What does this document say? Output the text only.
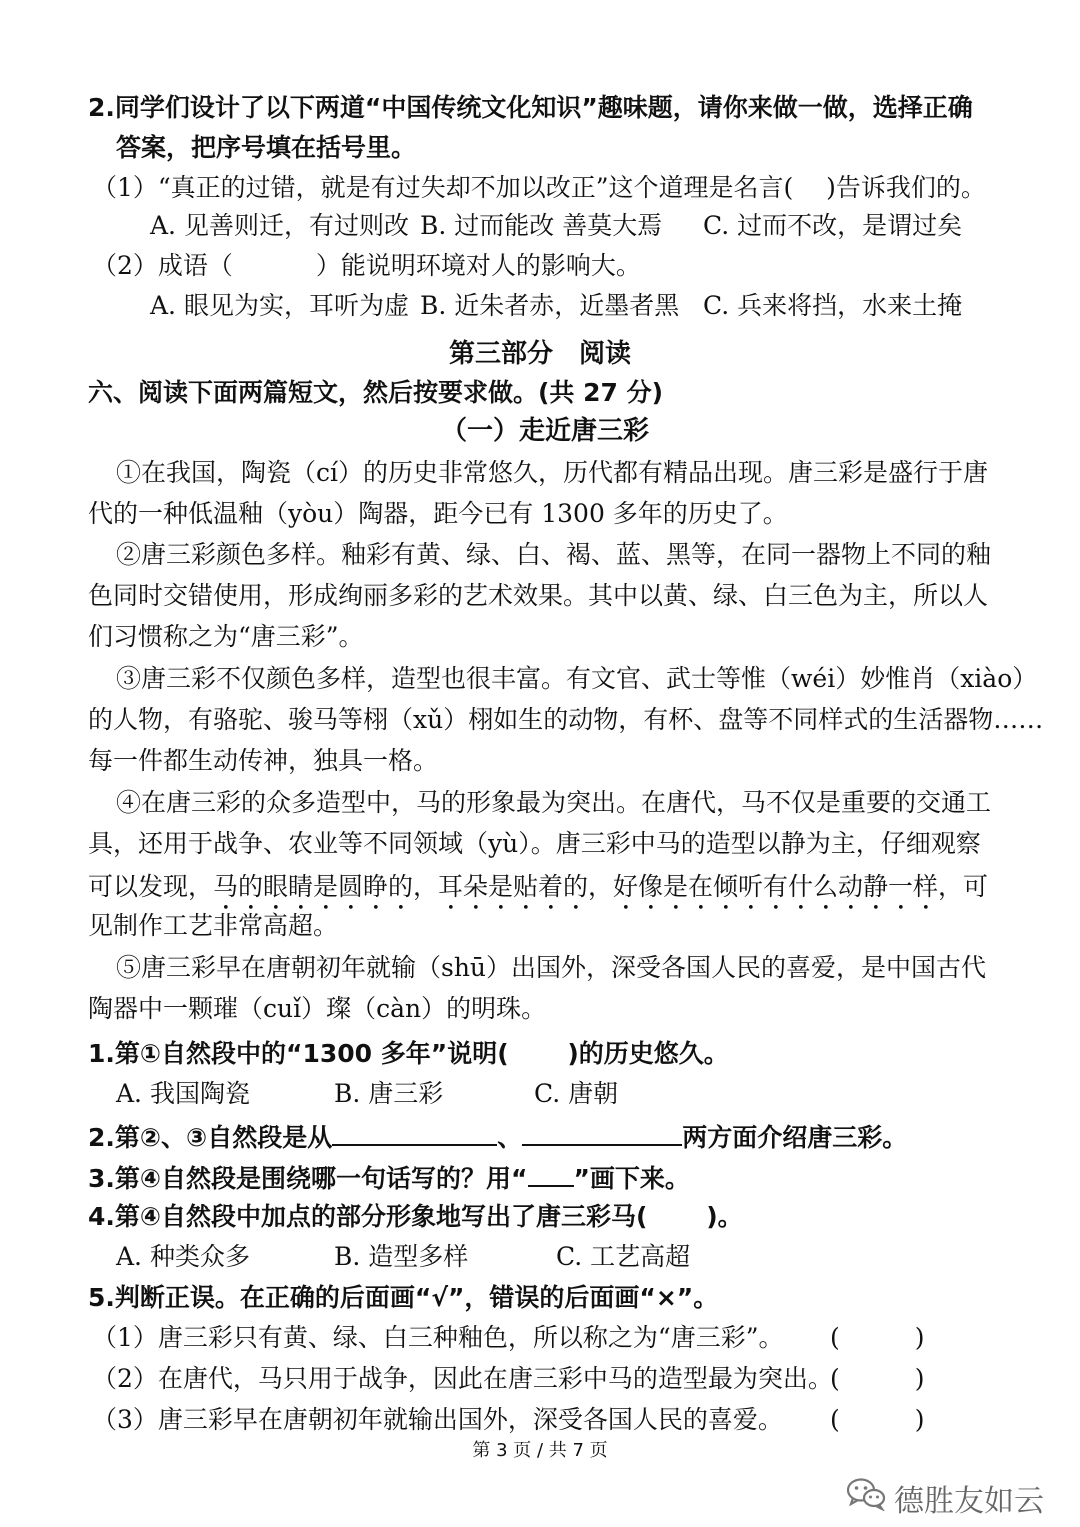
2.同学们设计了以下两道“中国传统文化知识”趣味题，请你来做一做，选择正确
答案，把序号填在括号里。
（1）“真正的过错，就是有过失却不加以改正”这个道理是名言(　 )告诉我们的。
A. 见善则迁，有过则改 B. 过而能改 善莫大焉 C. 过而不改，是谓过矣
（2）成语（　　　 ）能说明环境对人的影响大。
A. 眼见为实，耳听为虚 B. 近朱者赤，近墨者黑 C. 兵来将挡，水来土掩
第三部分　阅读
六、阅读下面两篇短文，然后按要求做。(共 27 分)
（一）走近唐三彩
①在我国，陶瓷（cí）的历史非常悠久，历代都有精品出现。唐三彩是盛行于唐
代的一种低温釉（yòu）陶器，距今已有 1300 多年的历史了。
②唐三彩颜色多样。釉彩有黄、绿、白、褐、蓝、黑等，在同一器物上不同的釉
色同时交错使用，形成绚丽多彩的艺术效果。其中以黄、绿、白三色为主，所以人
们习惯称之为“唐三彩”。
③唐三彩不仅颜色多样，造型也很丰富。有文官、武士等惟（wéi）妙惟肖（xiào）
的人物，有骆驼、骏马等栩（xǔ）栩如生的动物，有杯、盘等不同样式的生活器物……
每一件都生动传神，独具一格。
④在唐三彩的众多造型中，马的形象最为突出。在唐代，马不仅是重要的交通工
具，还用于战争、农业等不同领域（yù）。唐三彩中马的造型以静为主，仔细观察
可以发现，马的眼睛是圆睁的，耳朵是贴着的，好像是在倾听有什么动静一样，可
见制作工艺非常高超。
⑤唐三彩早在唐朝初年就输（shū）出国外，深受各国人民的喜爱，是中国古代
陶器中一颗璀（cuǐ）璨（càn）的明珠。
1.第①自然段中的“1300 多年”说明(　　 )的历史悠久。
A. 我国陶瓷	B. 唐三彩	C. 唐朝
2.第②、③自然段是从	、	两方面介绍唐三彩。
3.第④自然段是围绕哪一句话写的？用“ ”画下来。
4.第④自然段中加点的部分形象地写出了唐三彩马(　　 )。
A. 种类众多	B. 造型多样	C. 工艺高超
5.判断正误。在正确的后面画“√”，错误的后面画“×”。
（1）唐三彩只有黄、绿、白三种釉色，所以称之为“唐三彩”。 (　　　)
（2）在唐代，马只用于战争，因此在唐三彩中马的造型最为突出。
(　　　)
（3）唐三彩早在唐朝初年就输出国外，深受各国人民的喜爱。 (　　　)
第 3 页 / 共 7 页
德胜友如云
